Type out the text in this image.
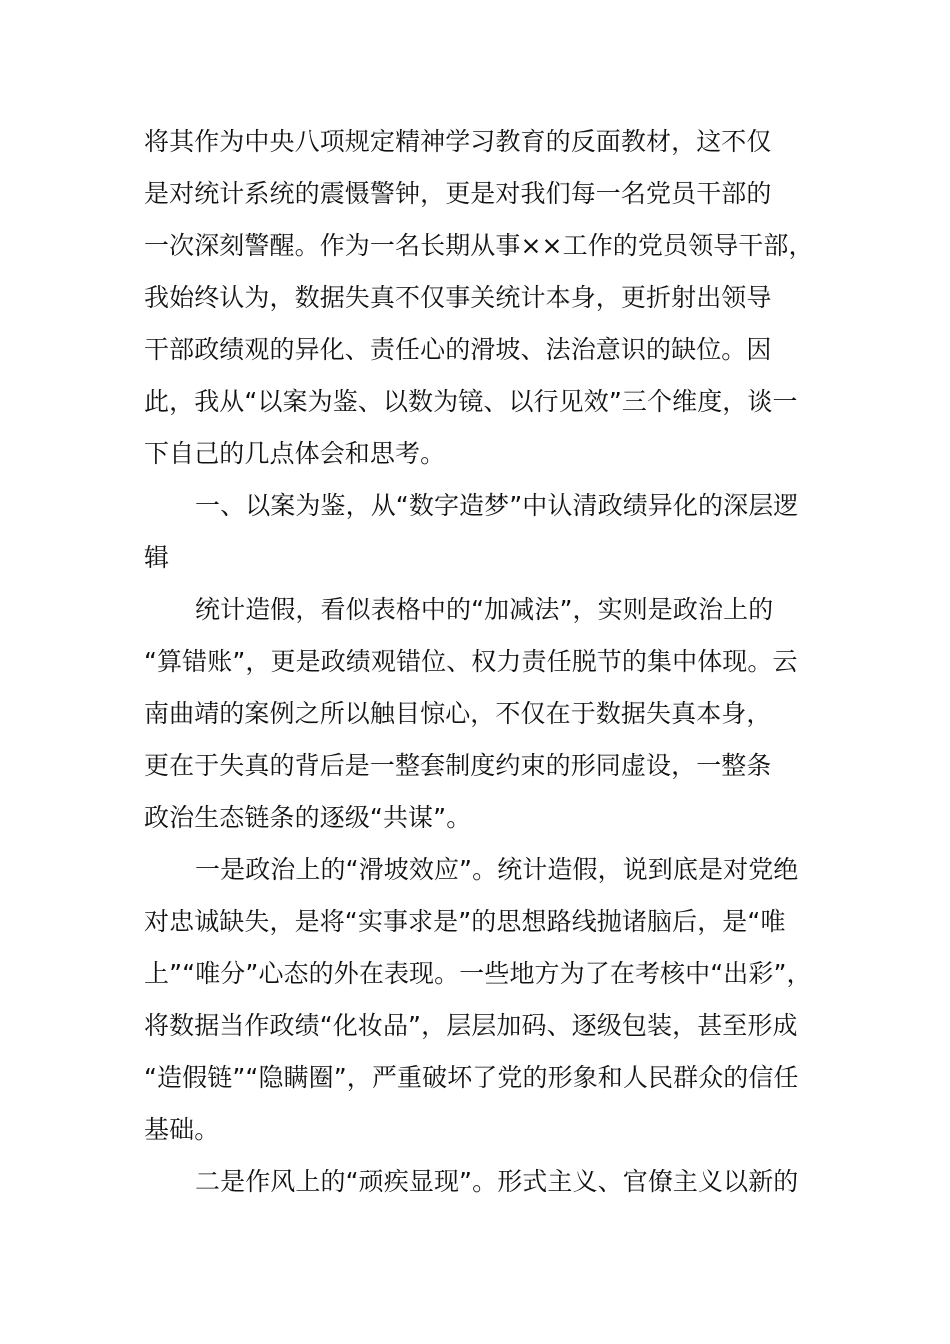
将其作为中央八项规定精神学习教育的反面教材，这不仅
是对统计系统的震慑警钟，更是对我们每一名党员干部的
一次深刻警醒。作为一名长期从事××工作的党员领导干部，
我始终认为，数据失真不仅事关统计本身，更折射出领导
干部政绩观的异化、责任心的滑坡、法治意识的缺位。因
此，我从“以案为鉴、以数为镜、以行见效”三个维度，谈一
下自己的几点体会和思考。
一、以案为鉴，从“数字造梦”中认清政绩异化的深层逻
辑
统计造假，看似表格中的“加减法”，实则是政治上的
“算错账”，更是政绩观错位、权力责任脱节的集中体现。云
南曲靖的案例之所以触目惊心，不仅在于数据失真本身，
更在于失真的背后是一整套制度约束的形同虚设，一整条
政治生态链条的逐级“共谋”。
一是政治上的“滑坡效应”。统计造假，说到底是对党绝
对忠诚缺失，是将“实事求是”的思想路线抛诸脑后，是“唯
上”“唯分”心态的外在表现。一些地方为了在考核中“出彩”，
将数据当作政绩“化妆品”，层层加码、逐级包装，甚至形成
“造假链”“隐瞒圈”，严重破坏了党的形象和人民群众的信任
基础。
二是作风上的“顽疾显现”。形式主义、官僚主义以新的
